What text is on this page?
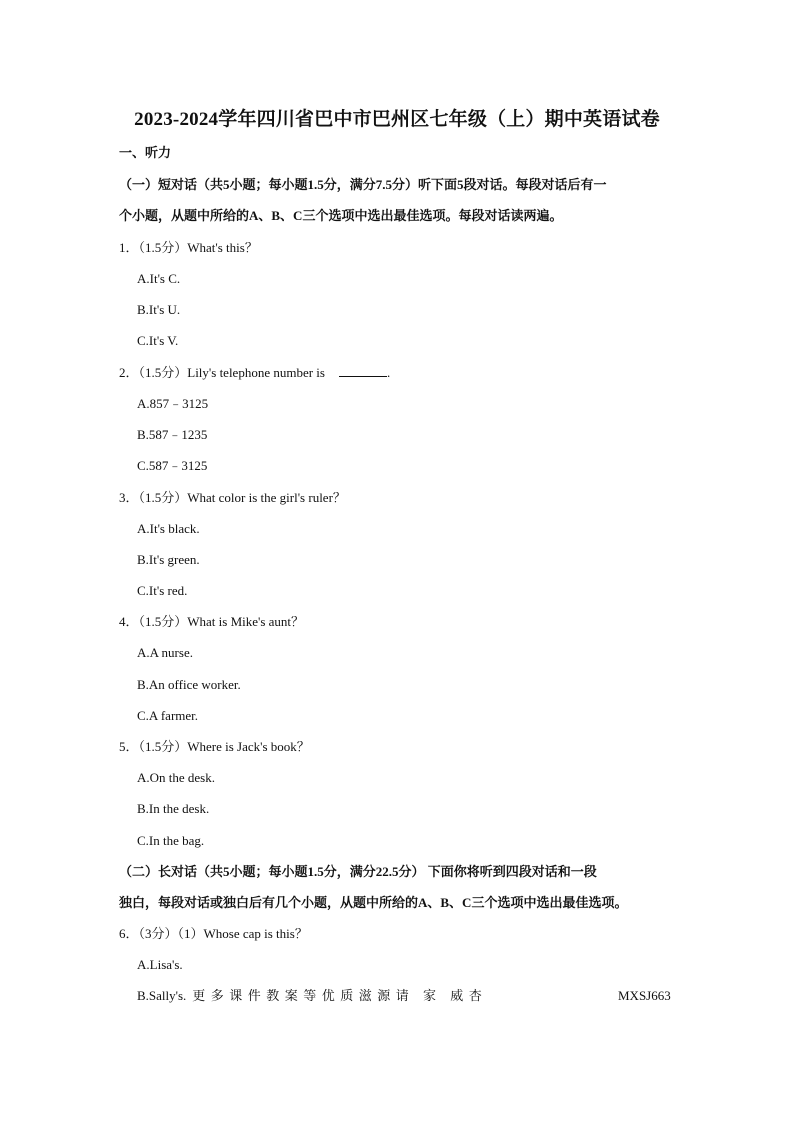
2023-2024学年四川省巴中市巴州区七年级（上）期中英语试卷
一、听力
（一）短对话（共5小题；每小题1.5分，满分7.5分）听下面5段对话。每段对话后有一
个小题，从题中所给的A、B、C三个选项中选出最佳选项。每段对话读两遍。
1．（1.5分）What's this？
A.It's C.
B.It's U.
C.It's V.
2．（1.5分）Lily's telephone number is	.
A.857﹣3125
B.587﹣1235
C.587﹣3125
3．（1.5分）What color is the girl's ruler？
A.It's black.
B.It's green.
C.It's red.
4．（1.5分）What is Mike's aunt？
A.A nurse.
B.An office worker.
C.A farmer.
5．（1.5分）Where is Jack's book？
A.On the desk.
B.In the desk.
C.In the bag.
（二）长对话（共5小题；每小题1.5分，满分22.5分） 下面你将听到四段对话和一段
独白，每段对话或独白后有几个小题，从题中所给的A、B、C三个选项中选出最佳选项。
6．（3分）（1）Whose cap is this？
A.Lisa's.
B.Sally's. 更多课件教案等优质滋源请 家 威杏	MXSJ663
